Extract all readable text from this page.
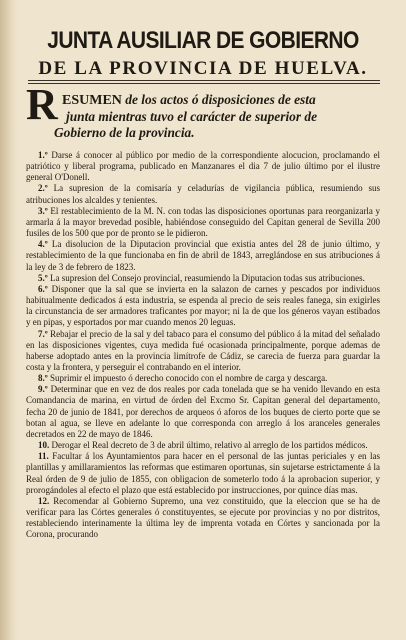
JUNTA AUSILIAR DE GOBIERNO
DE LA PROVINCIA DE HUELVA.
R ESUMEN de los actos ó disposiciones de esta
junta mientras tuvo el carácter de superior de
Gobierno de la provincia.

1.º Darse á conocer al público por medio de la correspondiente alocucion, proclamando el patriótico y liberal programa, publicado en Manzanares el dia 7 de julio último por el ilustre general O'Donell.

2.º La supresion de la comisaría y celadurías de vigilancia pública, resumiendo sus atribuciones los alcaldes y tenientes.

3.º El restablecimiento de la M. N. con todas las disposiciones oportunas para reorganizarla y armarla á la mayor brevedad posible, habiéndose conseguido del Capitan general de Sevilla 200 fusiles de los 500 que por de pronto se le pidieron.

4.º La disolucion de la Diputacion provincial que existia antes del 28 de junio último, y restablecimiento de la que funcionaba en fin de abril de 1843, arreglándose en sus atribuciones á la ley de 3 de febrero de 1823.

5.º La supresion del Consejo provincial, reasumiendo la Diputacion todas sus atribuciones.

6.º Disponer que la sal que se invierta en la salazon de carnes y pescados por individuos habitualmente dedicados á esta industria, se espenda al precio de seis reales fanega, sin exigirles la circunstancia de ser armadores traficantes por mayor; ni la de que los géneros vayan estibados y en pipas, y esportados por mar cuando menos 20 leguas.

7.º Rebajar el precio de la sal y del tabaco para el consumo del público á la mitad del señalado en las disposiciones vigentes, cuya medida fué ocasionada principalmente, porque ademas de haberse adoptado antes en la provincia limítrofe de Cádiz, se carecia de fuerza para guardar la costa y la frontera, y perseguir el contrabando en el interior.

8.º Suprimir el impuesto ó derecho conocido con el nombre de carga y descarga.

9.º Determinar que en vez de dos reales por cada tonelada que se ha venido llevando en esta Comandancia de marina, en virtud de órden del Excmo Sr. Capitan general del departamento, fecha 20 de junio de 1841, por derechos de arqueos ó aforos de los buques de cierto porte que se botan al agua, se lleve en adelante lo que corresponda con arreglo á los aranceles generales decretados en 22 de mayo de 1846.

10. Derogar el Real decreto de 3 de abril último, relativo al arreglo de los partidos médicos.

11. Facultar á los Ayuntamientos para hacer en el personal de las juntas periciales y en las plantillas y amillaramientos las reformas que estimaren oportunas, sin sujetarse estrictamente á la Real órden de 9 de julio de 1855, con obligacion de someterlo todo á la aprobacion superior, y prorogándoles al efecto el plazo que está establecido por instrucciones, por quince días mas.

12. Recomendar al Gobierno Supremo, una vez constituido, que la eleccion que se ha de verificar para las Córtes generales ó constituyentes, se ejecute por provincias y no por distritos, restableciendo interinamente la última ley de imprenta votada en Córtes y sancionada por la Corona, procurando
